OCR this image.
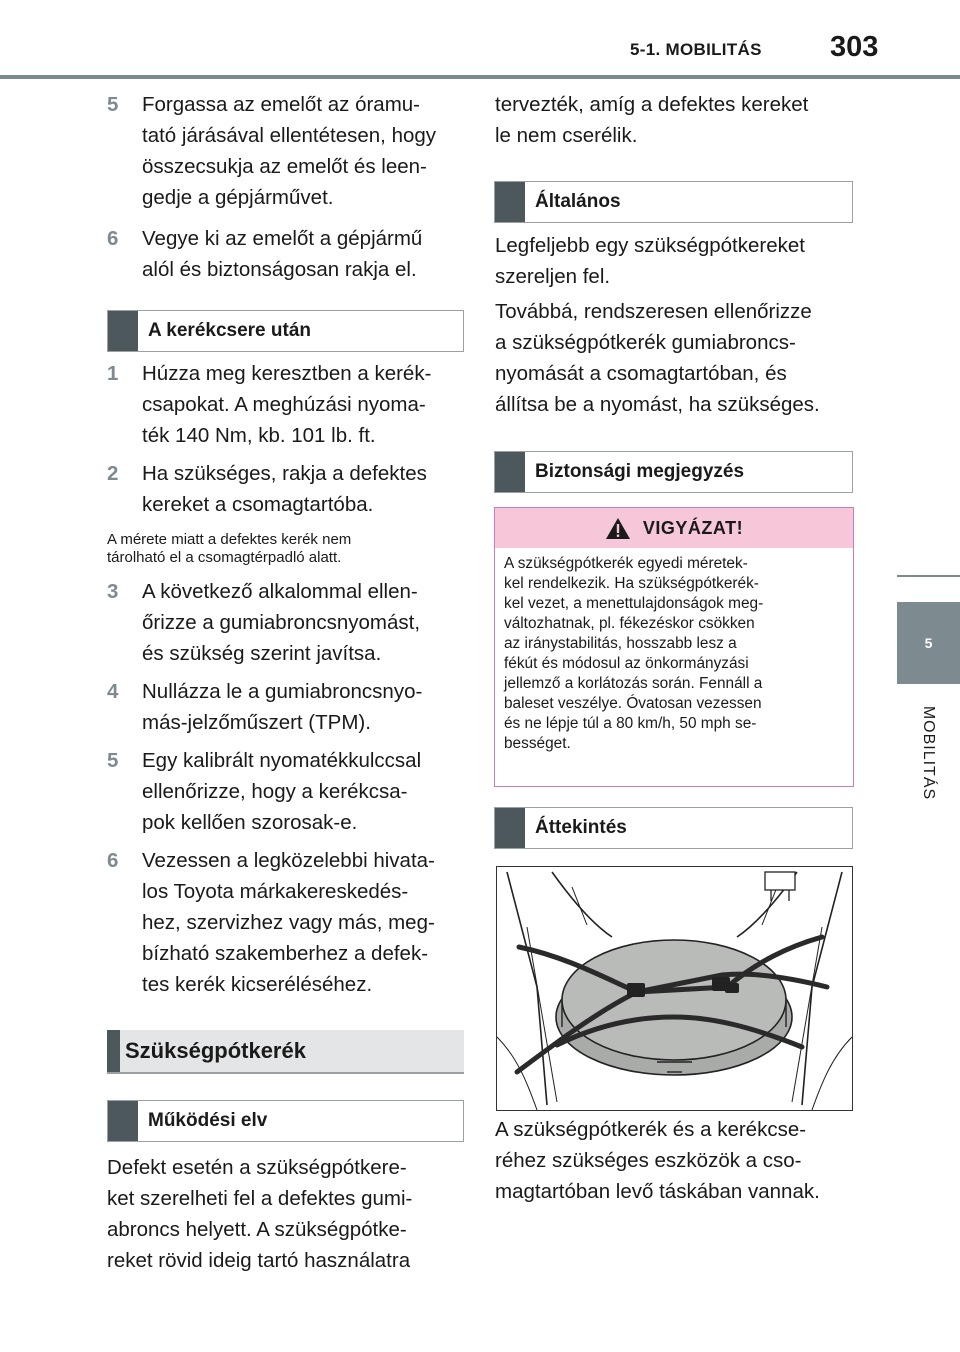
5-1. MOBILITÁS 303
5
MOBILITÁS
5	Forgassa az emelőt az óramu-
tató járásával ellentétesen, hogy
összecsukja az emelőt és leen-
gedje a gépjárművet.
6	Vegye ki az emelőt a gépjármű
alól és biztonságosan rakja el.
A kerékcsere után
1	Húzza meg keresztben a kerék-
csapokat. A meghúzási nyoma-
ték 140 Nm, kb. 101 lb. ft.
2	Ha szükséges, rakja a defektes
kereket a csomagtartóba.
A mérete miatt a defektes kerék nem
tárolható el a csomagtérpadló alatt.
3	A következő alkalommal ellen-
őrizze a gumiabroncsnyomást,
és szükség szerint javítsa.
4	Nullázza le a gumiabroncsnyo-
más-jelzőműszert (TPM).
5	Egy kalibrált nyomatékkulccsal
ellenőrizze, hogy a kerékcsa-
pok kellően szorosak-e.
6	Vezessen a legközelebbi hivata-
los Toyota márkakereskedés-
hez, szervizhez vagy más, meg-
bízható szakemberhez a defek-
tes kerék kicseréléséhez.
Szükségpótkerék
Működési elv
Defekt esetén a szükségpótkere-
ket szerelheti fel a defektes gumi-
abroncs helyett. A szükségpótke-
reket rövid ideig tartó használatra
tervezték, amíg a defektes kereket
le nem cserélik.
Általános
Legfeljebb egy szükségpótkereket
szereljen fel.
Továbbá, rendszeresen ellenőrizze
a szükségpótkerék gumiabroncs-
nyomását a csomagtartóban, és
állítsa be a nyomást, ha szükséges.
Biztonsági megjegyzés
VIGYÁZAT!
A szükségpótkerék egyedi méretek-
kel rendelkezik. Ha szükségpótkerék-
kel vezet, a menettulajdonságok meg-
változhatnak, pl. fékezéskor csökken
az iránystabilitás, hosszabb lesz a
fékút és módosul az önkormányzási
jellemző a korlátozás során. Fennáll a
baleset veszélye. Óvatosan vezessen
és ne lépje túl a 80 km/h, 50 mph se-
bességet.
Áttekintés
A szükségpótkerék és a kerékcse-
réhez szükséges eszközök a cso-
magtartóban levő táskában vannak.
